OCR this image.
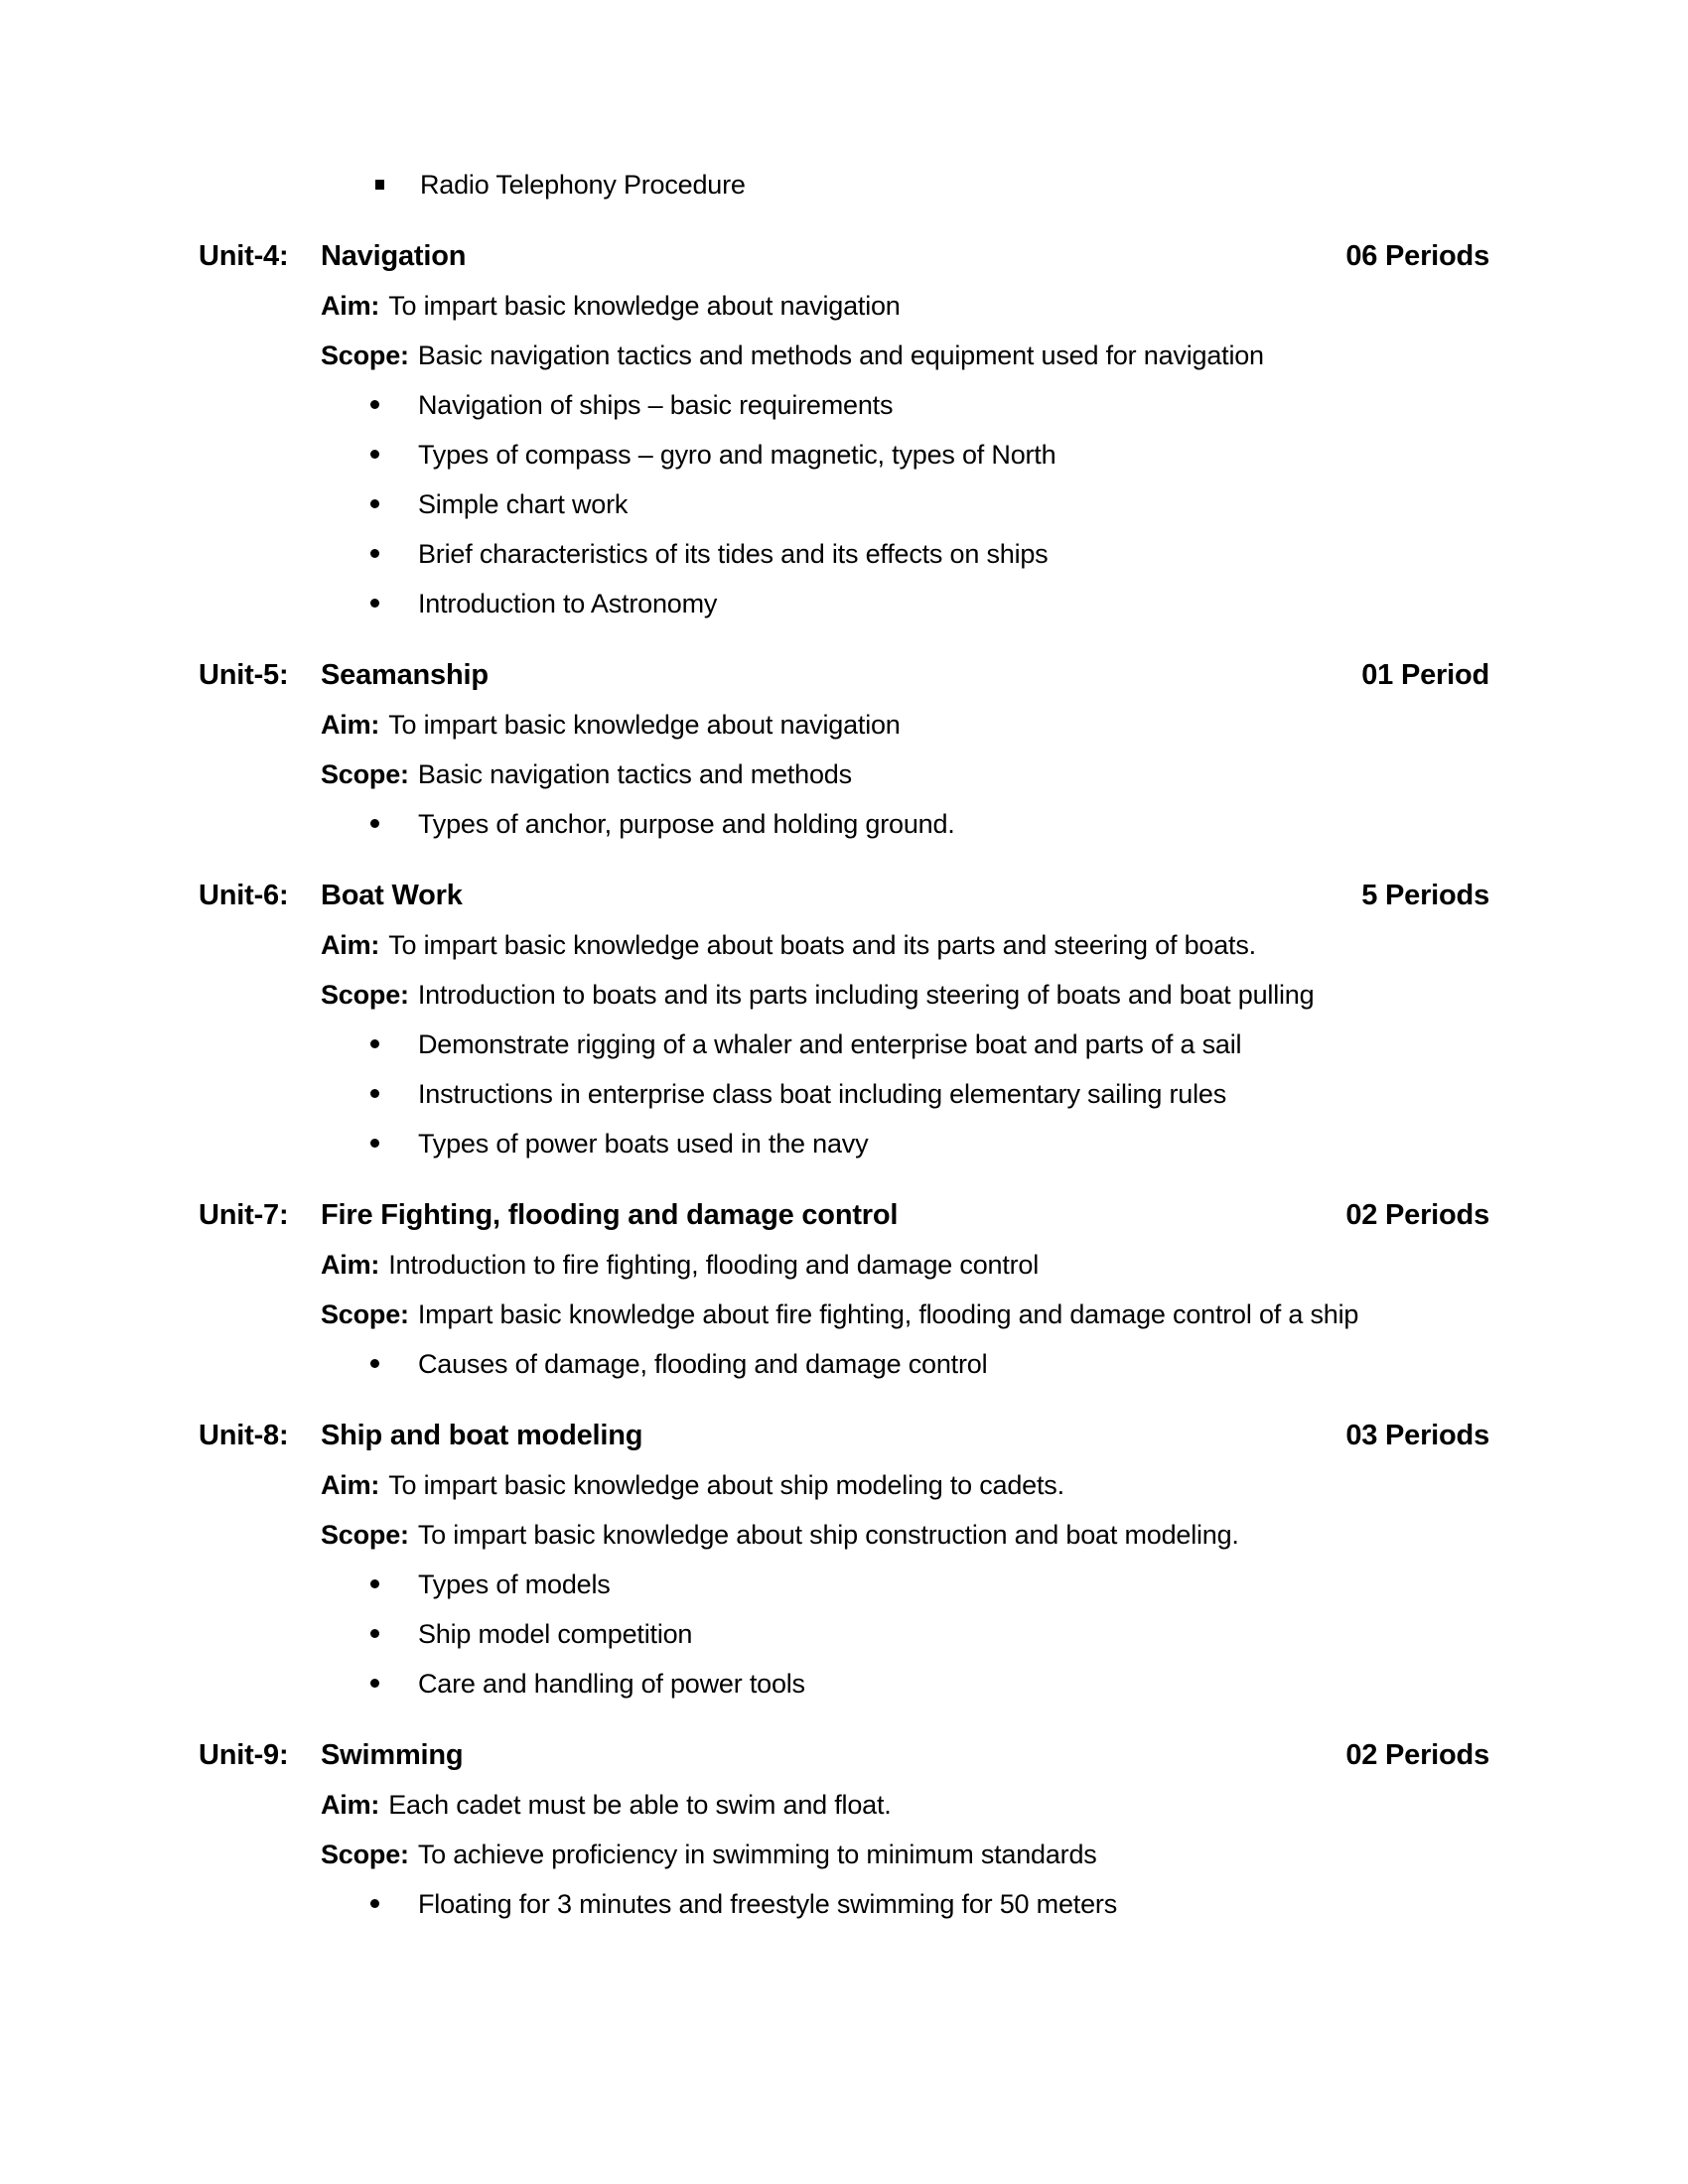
Radio Telephony Procedure
Unit-4:	Navigation	06 Periods

Aim: To impart basic knowledge about navigation

Scope: Basic navigation tactics and methods and equipment used for navigation

Navigation of ships – basic requirements
Types of compass – gyro and magnetic, types of North
Simple chart work
Brief characteristics of its tides and its effects on ships
Introduction to Astronomy
Unit-5:	Seamanship	01 Period

Aim: To impart basic knowledge about navigation

Scope: Basic navigation tactics and methods

Types of anchor, purpose and holding ground.
Unit-6:	Boat Work	5 Periods

Aim: To impart basic knowledge about boats and its parts and steering of boats.

Scope: Introduction to boats and its parts including steering of boats and boat pulling

Demonstrate rigging of a whaler and enterprise boat and parts of a sail
Instructions in enterprise class boat including elementary sailing rules
Types of power boats used in the navy
Unit-7:	Fire Fighting, flooding and damage control	02 Periods

Aim: Introduction to fire fighting, flooding and damage control

Scope: Impart basic knowledge about fire fighting, flooding and damage control of a ship

Causes of damage, flooding and damage control
Unit-8:	Ship and boat modeling	03 Periods

Aim: To impart basic knowledge about ship modeling to cadets.

Scope: To impart basic knowledge about ship construction and boat modeling.

Types of models
Ship model competition
Care and handling of power tools
Unit-9:	Swimming	02 Periods

Aim: Each cadet must be able to swim and float.

Scope: To achieve proficiency in swimming to minimum standards

Floating for 3 minutes and freestyle swimming for 50 meters
